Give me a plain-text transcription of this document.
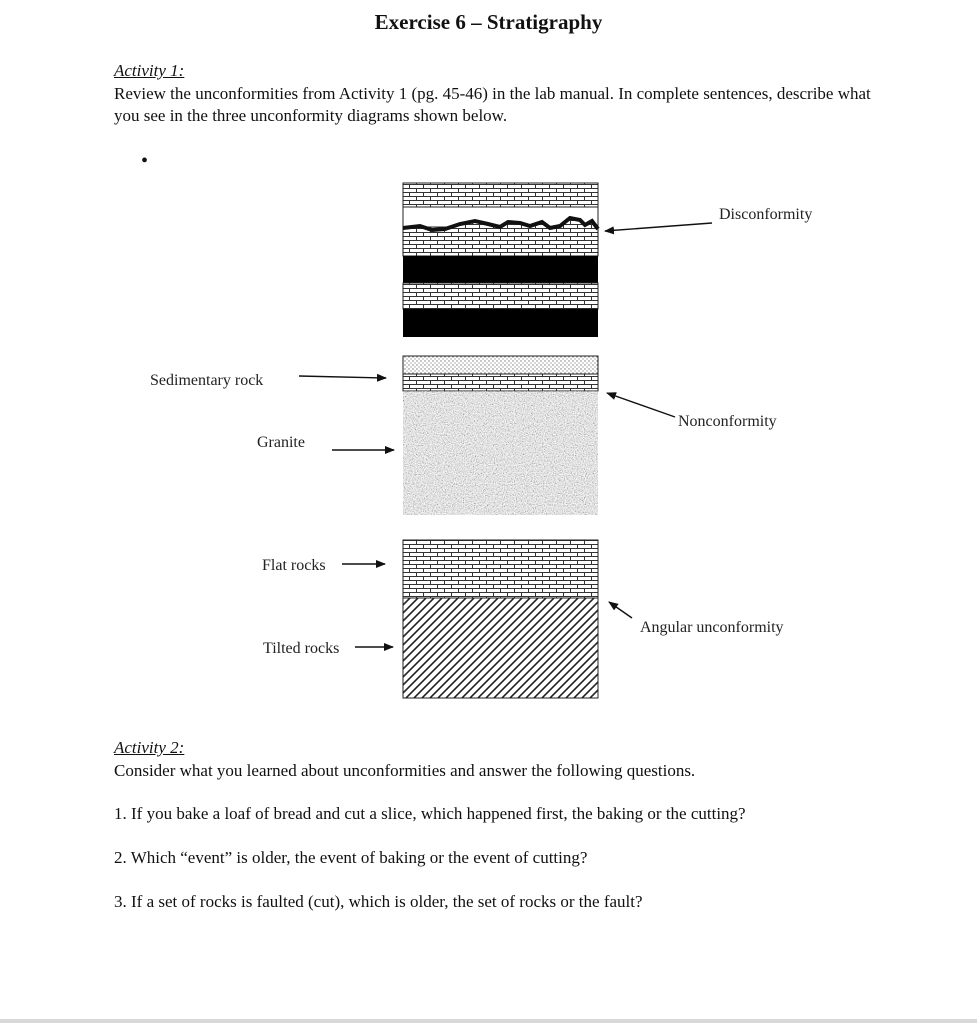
Exercise 6 – Stratigraphy
Activity 1:
Review the unconformities from Activity 1 (pg. 45-46) in the lab manual. In complete sentences, describe what you see in the three unconformity diagrams shown below.
•
Disconformity
Sedimentary rock
Granite
Nonconformity
Flat rocks
Tilted rocks
Angular unconformity
Activity 2:
Consider what you learned about unconformities and answer the following questions.
1. If you bake a loaf of bread and cut a slice, which happened first, the baking or the cutting?
2. Which “event” is older, the event of baking or the event of cutting?
3. If a set of rocks is faulted (cut), which is older, the set of rocks or the fault?
